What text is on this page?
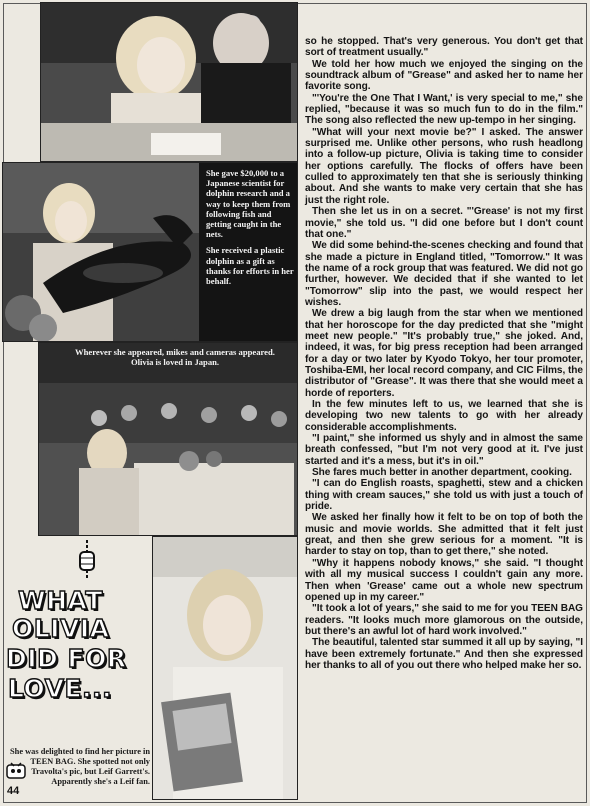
She gave $20,000 to a Japanese scientist for dolphin research and a way to keep them from following fish and getting caught in the nets.

She received a plastic dolphin as a gift as thanks for efforts in her behalf.

Wherever she appeared, mikes and cameras appeared. Olivia is loved in Japan.
WHAT
OLIVIA
DID FOR
LOVE...
She was delighted to find her picture in TEEN BAG. She spotted not only Travolta's pic, but Leif Garrett's. Apparently she's a Leif fan.
44

so he stopped. That's very generous. You don't get that sort of treatment usually."

We told her how much we enjoyed the singing on the soundtrack album of "Grease" and asked her to name her favorite song.

"'You're the One That I Want,' is very special to me," she replied, "because it was so much fun to do in the film." The song also reflected the new up-tempo in her singing.

"What will your next movie be?" I asked. The answer surprised me. Unlike other persons, who rush headlong into a follow-up picture, Olivia is taking time to consider her options carefully. The flocks of offers have been culled to approximately ten that she is seriously thinking about. And she wants to make very certain that she has just the right role.

Then she let us in on a secret. "'Grease' is not my first movie," she told us. "I did one before but I don't count that one."

We did some behind-the-scenes checking and found that she made a picture in England titled, "Tomorrow." It was the name of a rock group that was featured. We did not go further, however. We decided that if she wanted to let "Tomorrow" slip into the past, we would respect her wishes.

We drew a big laugh from the star when we mentioned that her horoscope for the day predicted that she "might meet new people." "It's probably true," she joked. And, indeed, it was, for big press reception had been arranged for a day or two later by Kyodo Tokyo, her tour promoter, Toshiba-EMI, her local record company, and CIC Films, the distributor of "Grease". It was there that she would meet a horde of reporters.

In the few minutes left to us, we learned that she is developing two new talents to go with her already considerable accomplishments.

"I paint," she informed us shyly and in almost the same breath confessed, "but I'm not very good at it. I've just started and it's a mess, but it's in oil."

She fares much better in another department, cooking.

"I can do English roasts, spaghetti, stew and a chicken thing with cream sauces," she told us with just a touch of pride.

We asked her finally how it felt to be on top of both the music and movie worlds. She admitted that it felt just great, and then she grew serious for a moment. "It is harder to stay on top, than to get there," she noted.

"Why it happens nobody knows," she said. "I thought with all my musical success I couldn't gain any more. Then when 'Grease' came out a whole new spectrum opened up in my career."

"It took a lot of years," she said to me for you TEEN BAG readers. "It looks much more glamorous on the outside, but there's an awful lot of hard work involved."

The beautiful, talented star summed it all up by saying, "I have been extremely fortunate." And then she expressed her thanks to all of you out there who helped make her so.
